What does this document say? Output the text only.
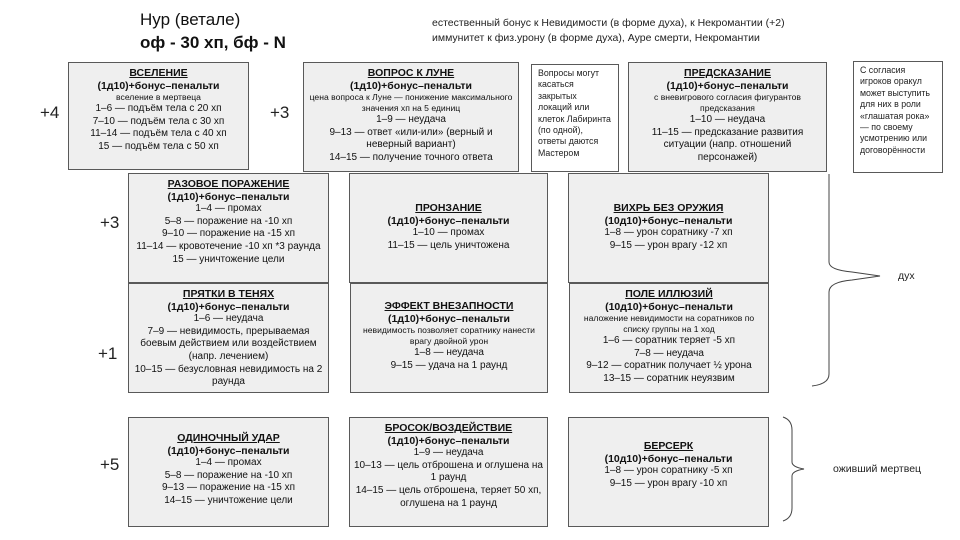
Нур (ветале)
оф - 30 хп, бф - N
естественный бонус к Невидимости (в форме духа), к Некромантии (+2)
иммунитет к физ.урону (в форме духа), Ауре смерти, Некромантии
+4	+3
+3
+1
+5
ВСЕЛЕНИЕ
(1д10)+бонус–пенальти
вселение в мертвеца
1–6 — подъём тела с 20 хп
7–10 — подъём тела с 30 хп
11–14 — подъём тела с 40 хп
15 — подъём тела с 50 хп
ВОПРОС К ЛУНЕ
(1д10)+бонус–пенальти
цена вопроса к Луне — понижение максимального значения хп на 5 единиц
1–9 — неудача
9–13 — ответ «или-или» (верный и неверный вариант)
14–15 — получение точного ответа
Вопросы могут касаться закрытых локаций или клеток Лабиринта (по одной), ответы даются Мастером
ПРЕДСКАЗАНИЕ
(1д10)+бонус–пенальти
с вневигрового согласия фигурантов предсказания
1–10 — неудача
11–15 — предсказание развития ситуации (напр. отношений персонажей)
С согласия игроков оракул может выступить для них в роли «глашатая рока» — по своему усмотрению или договорённости
РАЗОВОЕ ПОРАЖЕНИЕ
(1д10)+бонус–пенальти
1–4 — промах
5–8 — поражение на -10 хп
9–10 — поражение на -15 хп
11–14 — кровотечение -10 хп *3 раунда
15 — уничтожение цели
ПРОНЗАНИЕ
(1д10)+бонус–пенальти
1–10 — промах
11–15 — цель уничтожена
ВИХРЬ БЕЗ ОРУЖИЯ
(10д10)+бонус–пенальти
1–8 — урон соратнику -7 хп
9–15 — урон врагу -12 хп
ПРЯТКИ В ТЕНЯХ
(1д10)+бонус–пенальти
1–6 — неудача
7–9 — невидимость, прерываемая боевым действием или воздействием (напр. лечением)
10–15 — безусловная невидимость на 2 раунда
ЭФФЕКТ ВНЕЗАПНОСТИ
(1д10)+бонус–пенальти
невидимость позволяет соратнику нанести врагу двойной урон
1–8 — неудача
9–15 — удача на 1 раунд
ПОЛЕ ИЛЛЮЗИЙ
(10д10)+бонус–пенальти
наложение невидимости на соратников по списку группы на 1 ход
1–6 — соратник теряет -5 хп
7–8 — неудача
9–12 — соратник получает ½ урона
13–15 — соратник неуязвим
ОДИНОЧНЫЙ УДАР
(1д10)+бонус–пенальти
1–4 — промах
5–8 — поражение на -10 хп
9–13 — поражение на -15 хп
14–15 — уничтожение цели
БРОСОК/ВОЗДЕЙСТВИЕ
(1д10)+бонус–пенальти
1–9 — неудача
10–13 — цель отброшена и оглушена на 1 раунд
14–15 — цель отброшена, теряет 50 хп, оглушена на 1 раунд
БЕРСЕРК
(10д10)+бонус–пенальти
1–8 — урон соратнику -5 хп
9–15 — урон врагу -10 хп
дух
оживший мертвец
